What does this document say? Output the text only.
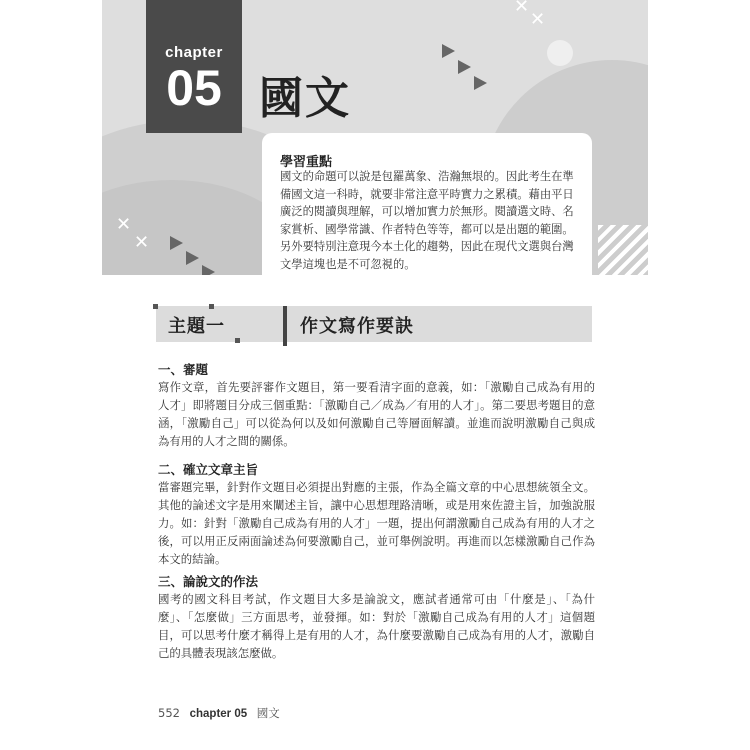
✕
✕
✕
✕
chapter
05 國文
學習重點
國文的命題可以說是包羅萬象、浩瀚無垠的。因此考生在準備國文這一科時，就要非常注意平時實力之累積。藉由平日廣泛的閱讀與理解，可以增加實力於無形。閱讀選文時、名家賞析、國學常識、作者特色等等，都可以是出題的範圍。另外要特別注意現今本土化的趨勢，因此在現代文選與台灣文學這塊也是不可忽視的。
主題一	作文寫作要訣
一、審題
寫作文章，首先要評審作文題目，第一要看清字面的意義，如：「激勵自己成為有用的人才」即將題目分成三個重點：「激勵自己／成為／有用的人才」。第二要思考題目的意涵，「激勵自己」可以從為何以及如何激勵自己等層面解讀。並進而說明激勵自己與成為有用的人才之間的關係。
二、確立文章主旨
當審題完畢，針對作文題目必須提出對應的主張，作為全篇文章的中心思想統領全文。其他的論述文字是用來闡述主旨，讓中心思想理路清晰，或是用來佐證主旨，加強說服力。如：針對「激勵自己成為有用的人才」一題，提出何謂激勵自己成為有用的人才之後，可以用正反兩面論述為何要激勵自己，並可舉例說明。再進而以怎樣激勵自己作為本文的結論。
三、論說文的作法
國考的國文科目考試，作文題目大多是論說文，應試者通常可由「什麼是」、「為什麼」、「怎麼做」三方面思考，並發揮。如：對於「激勵自己成為有用的人才」這個題目，可以思考什麼才稱得上是有用的人才，為什麼要激勵自己成為有用的人才，激勵自己的具體表現該怎麼做。
552 chapter 05 國文
